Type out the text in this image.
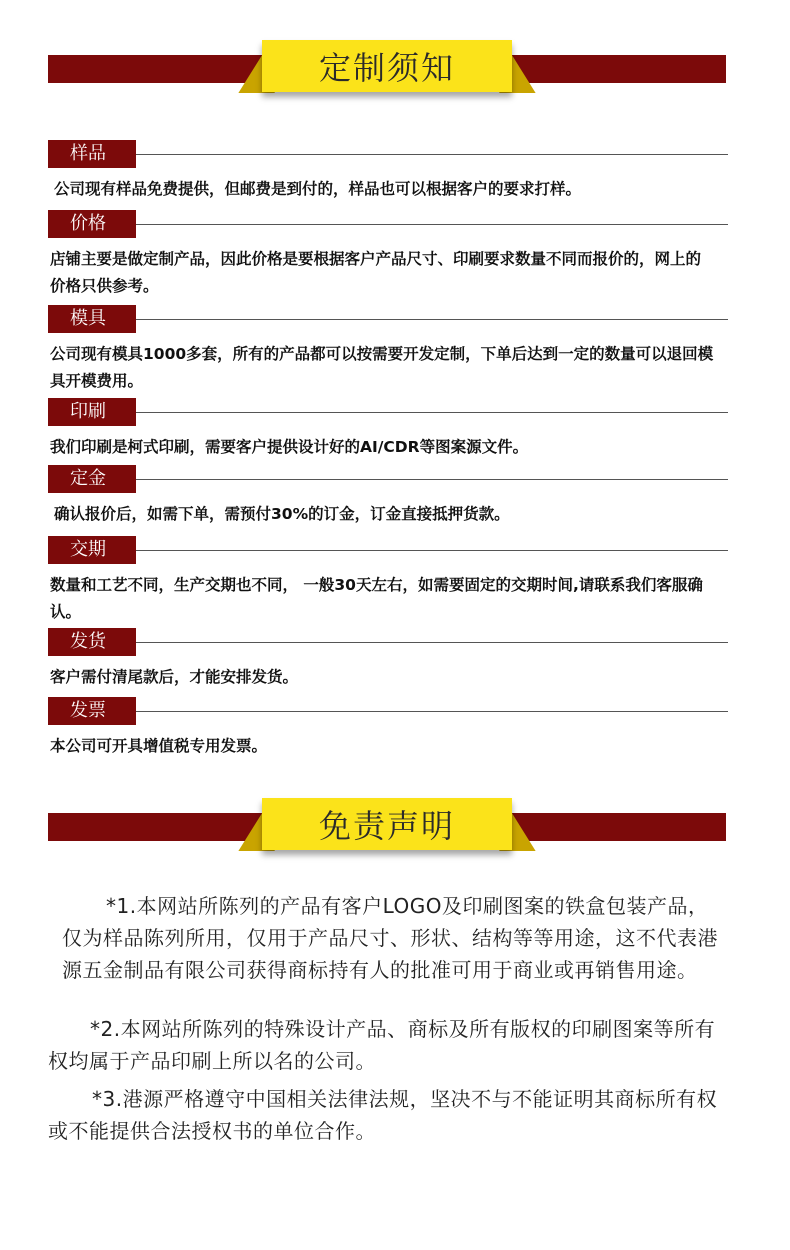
定制须知
样品
公司现有样品免费提供，但邮费是到付的，样品也可以根据客户的要求打样。
价格
店铺主要是做定制产品，因此价格是要根据客户产品尺寸、印刷要求数量不同而报价的，网上的价格只供参考。
模具
公司现有模具1000多套，所有的产品都可以按需要开发定制，下单后达到一定的数量可以退回模具开模费用。
印刷
我们印刷是柯式印刷，需要客户提供设计好的AI/CDR等图案源文件。
定金
确认报价后，如需下单，需预付30%的订金，订金直接抵押货款。
交期
数量和工艺不同，生产交期也不同， 一般30天左右，如需要固定的交期时间,请联系我们客服确认。
发货
客户需付清尾款后，才能安排发货。
发票
本公司可开具增值税专用发票。
免责声明

*1.本网站所陈列的产品有客户LOGO及印刷图案的铁盒包装产品，仅为样品陈列所用，仅用于产品尺寸、形状、结构等等用途，这不代表港源五金制品有限公司获得商标持有人的批准可用于商业或再销售用途。

*2.本网站所陈列的特殊设计产品、商标及所有版权的印刷图案等所有权均属于产品印刷上所以名的公司。

*3.港源严格遵守中国相关法律法规，坚决不与不能证明其商标所有权或不能提供合法授权书的单位合作。
